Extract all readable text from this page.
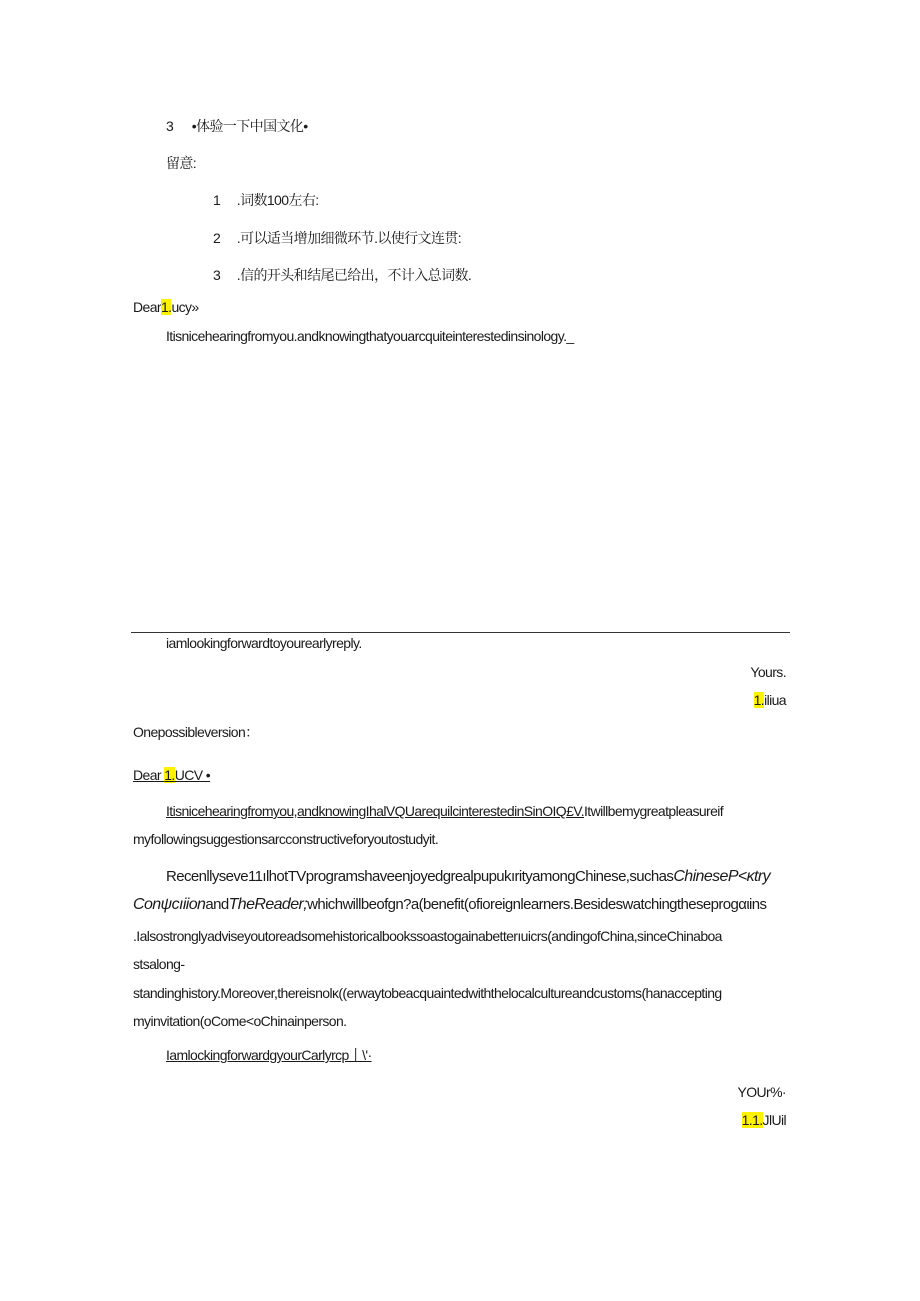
3 •体验一下中国文化•
留意:
1 .词数100左右:
2 .可以适当增加细微环节.以使行文连贯:
3 .信的开头和结尾已给出，不计入总词数.
Dear1.ucy»
Itisnicehearingfromyou.andknowingthatyouarcquiteinterestedinsinology._
iamlookingforwardtoyourearlyreply.
Yours.
1.iliua
Onepossibleversion：
Dear 1.UCV •
Itisnicehearingfromyou,andknowingIhalVQUarequilcinterestedinSinOIQ£V.Itwillbemygreatpleasureif
myfollowingsuggestionsarcconstructiveforyoutostudyit.
Recenllyseve11ılhotTVprogramshaveenjoyedgrealpupukırityamongChinese,suchasChineseP<κtry
ConψcıiionandTheReader;whichwillbeofgn?a(benefit(ofioreignlearners.Besideswatchingtheseprogαιins
.Ialsostronglyadviseyoutoreadsomehistoricalbookssoastogainabetterıuicrs(andingofChina,sinceChinaboa
stsalong-
standinghistory.Moreover,thereisnolκ((erwaytobeacquaintedwiththelocalcultureandcustoms(hanaccepting
myinvitation(oCome<oChinainperson.
Iamlockingforwardgyour​Carlyrcp丨\'·
YOUr%·
1.1.JlUil
